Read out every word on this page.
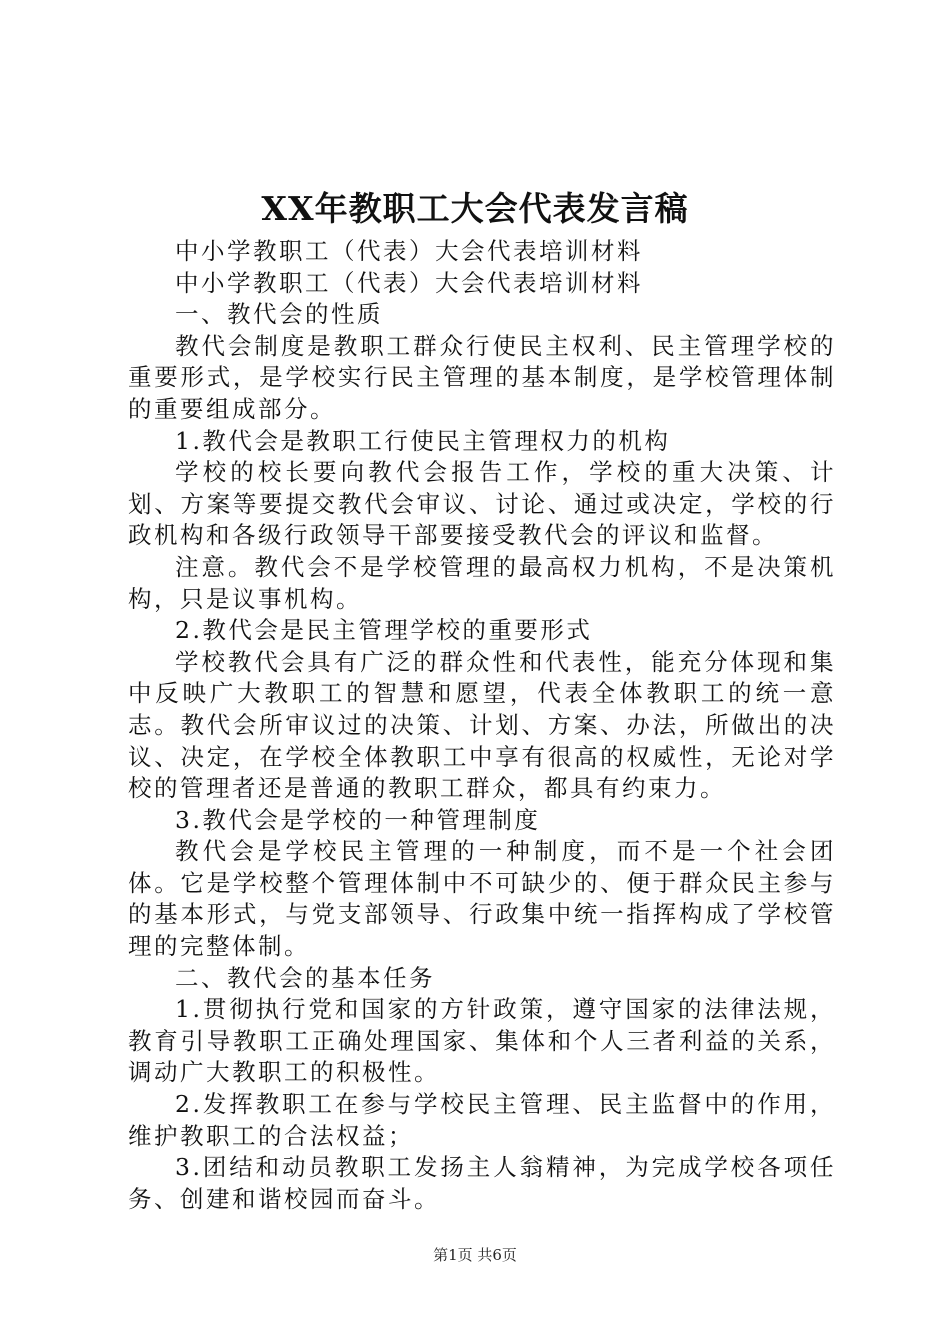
XX年教职工大会代表发言稿

中小学教职工（代表）大会代表培训材料

中小学教职工（代表）大会代表培训材料

一、教代会的性质

教代会制度是教职工群众行使民主权利、民主管理学校的重要形式，是学校实行民主管理的基本制度，是学校管理体制的重要组成部分。

1.教代会是教职工行使民主管理权力的机构

学校的校长要向教代会报告工作，学校的重大决策、计划、方案等要提交教代会审议、讨论、通过或决定，学校的行政机构和各级行政领导干部要接受教代会的评议和监督。

注意。教代会不是学校管理的最高权力机构，不是决策机构，只是议事机构。

2.教代会是民主管理学校的重要形式

学校教代会具有广泛的群众性和代表性，能充分体现和集中反映广大教职工的智慧和愿望，代表全体教职工的统一意志。教代会所审议过的决策、计划、方案、办法，所做出的决议、决定，在学校全体教职工中享有很高的权威性，无论对学校的管理者还是普通的教职工群众，都具有约束力。

3.教代会是学校的一种管理制度

教代会是学校民主管理的一种制度，而不是一个社会团体。它是学校整个管理体制中不可缺少的、便于群众民主参与的基本形式，与党支部领导、行政集中统一指挥构成了学校管理的完整体制。

二、教代会的基本任务

1.贯彻执行党和国家的方针政策，遵守国家的法律法规，教育引导教职工正确处理国家、集体和个人三者利益的关系，调动广大教职工的积极性。

2.发挥教职工在参与学校民主管理、民主监督中的作用，维护教职工的合法权益；

3.团结和动员教职工发扬主人翁精神，为完成学校各项任务、创建和谐校园而奋斗。

第1页 共6页
